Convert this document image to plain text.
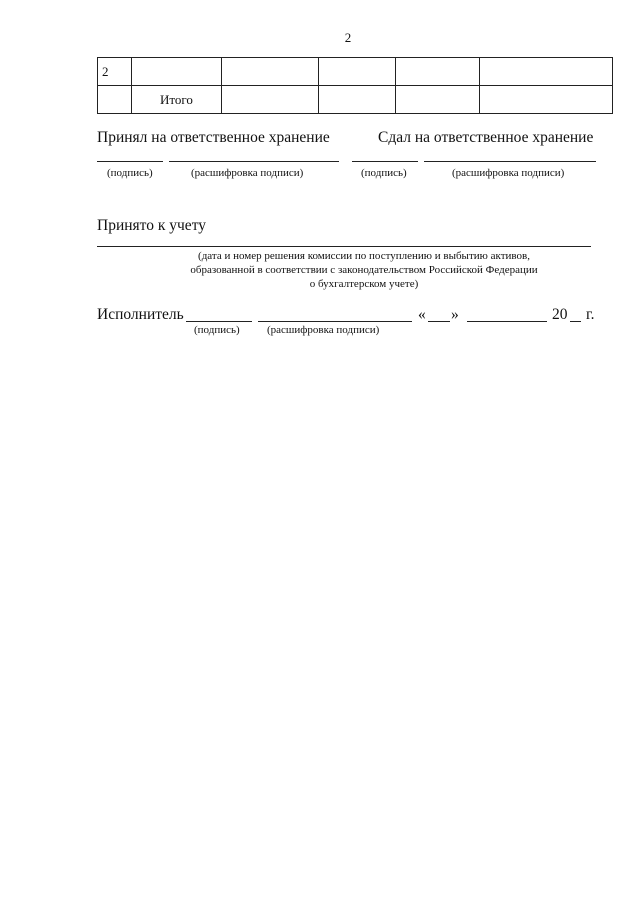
2
2					
	Итого				
Принял на ответственное хранение	Сдал на ответственное хранение
(подпись)	(расшифровка подписи)	(подпись)	(расшифровка подписи)
Принято к учету
(дата и номер решения комиссии по поступлению и выбытию активов,
образованной в соответствии с законодательством Российской Федерации
о бухгалтерском учете)
Исполнитель	« »	20 г.
(подпись) (расшифровка подписи)
